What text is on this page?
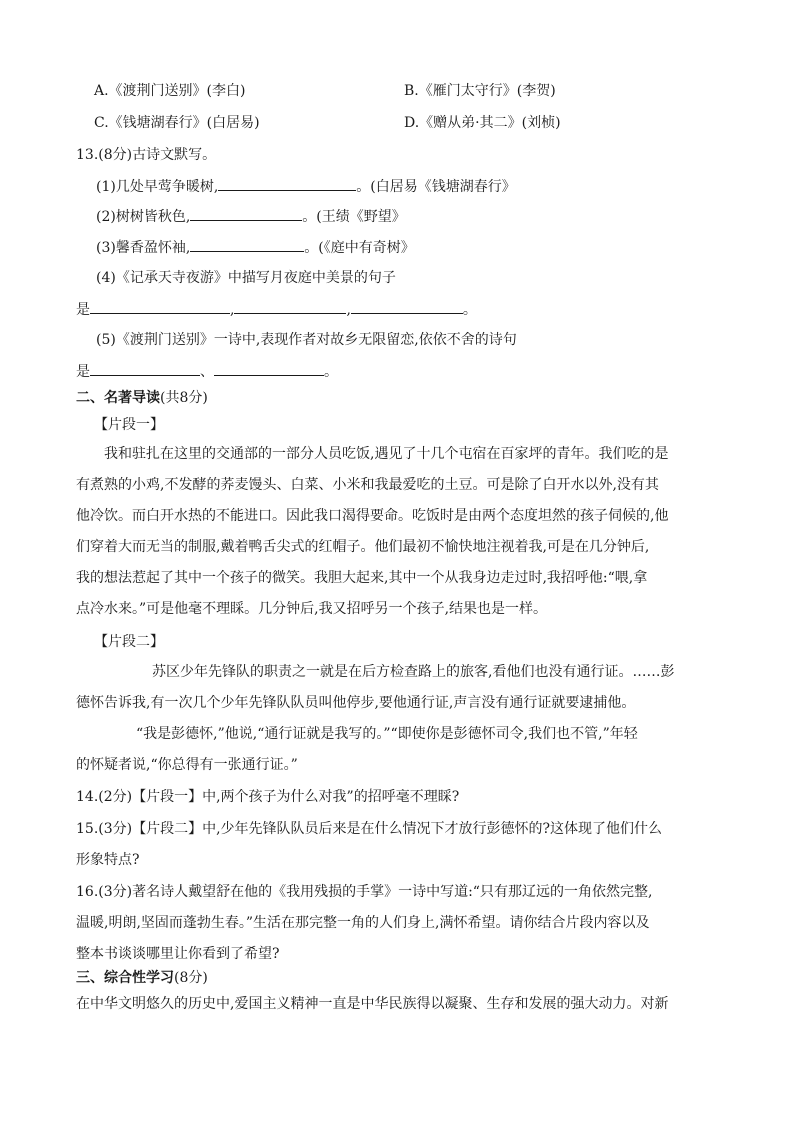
A.《渡荆门送别》(李白)	B.《雁门太守行》(李贺)
C.《钱塘湖春行》(白居易)	D.《赠从弟·其二》(刘桢)
13.(8分)古诗文默写。
(1)几处早莺争暖树,	。(白居易《钱塘湖春行》
(2)树树皆秋色,	。(王绩《野望》
(3)馨香盈怀袖,	。(《庭中有奇树》
(4)《记承天寺夜游》中描写月夜庭中美景的句子
是	,	,	。
(5)《渡荆门送别》一诗中,表现作者对故乡无限留恋,依依不舍的诗句
是	、	。
二、名著导读(共8分)
【片段一】
我和驻扎在这里的交通部的一部分人员吃饭,遇见了十几个屯宿在百家坪的青年。我们吃的是
有煮熟的小鸡,不发酵的荞麦馒头、白菜、小米和我最爱吃的土豆。可是除了白开水以外,没有其
他冷饮。而白开水热的不能进口。因此我口渴得要命。吃饭时是由两个态度坦然的孩子伺候的,他
们穿着大而无当的制服,戴着鸭舌尖式的红帽子。他们最初不愉快地注视着我,可是在几分钟后,
我的想法惹起了其中一个孩子的微笑。我胆大起来,其中一个从我身边走过时,我招呼他:“喂,拿
点冷水来。”可是他毫不理睬。几分钟后,我又招呼另一个孩子,结果也是一样。
【片段二】
苏区少年先锋队的职责之一就是在后方检查路上的旅客,看他们也没有通行证。……彭
德怀告诉我,有一次几个少年先锋队队员叫他停步,要他通行证,声言没有通行证就要逮捕他。
“我是彭德怀,”他说,“通行证就是我写的。”“即使你是彭德怀司令,我们也不管,”年轻
的怀疑者说,“你总得有一张通行证。”
14.(2分)【片段一】中,两个孩子为什么对我”的招呼毫不理睬?
15.(3分)【片段二】中,少年先锋队队员后来是在什么情况下才放行彭德怀的?这体现了他们什么
形象特点?
16.(3分)著名诗人戴望舒在他的《我用残损的手掌》一诗中写道:“只有那辽远的一角依然完整,
温暖,明朗,坚固而蓬勃生春。”生活在那完整一角的人们身上,满怀希望。请你结合片段内容以及
整本书谈谈哪里让你看到了希望?
三、综合性学习(8分)
在中华文明悠久的历史中,爱国主义精神一直是中华民族得以凝聚、生存和发展的强大动力。对新
